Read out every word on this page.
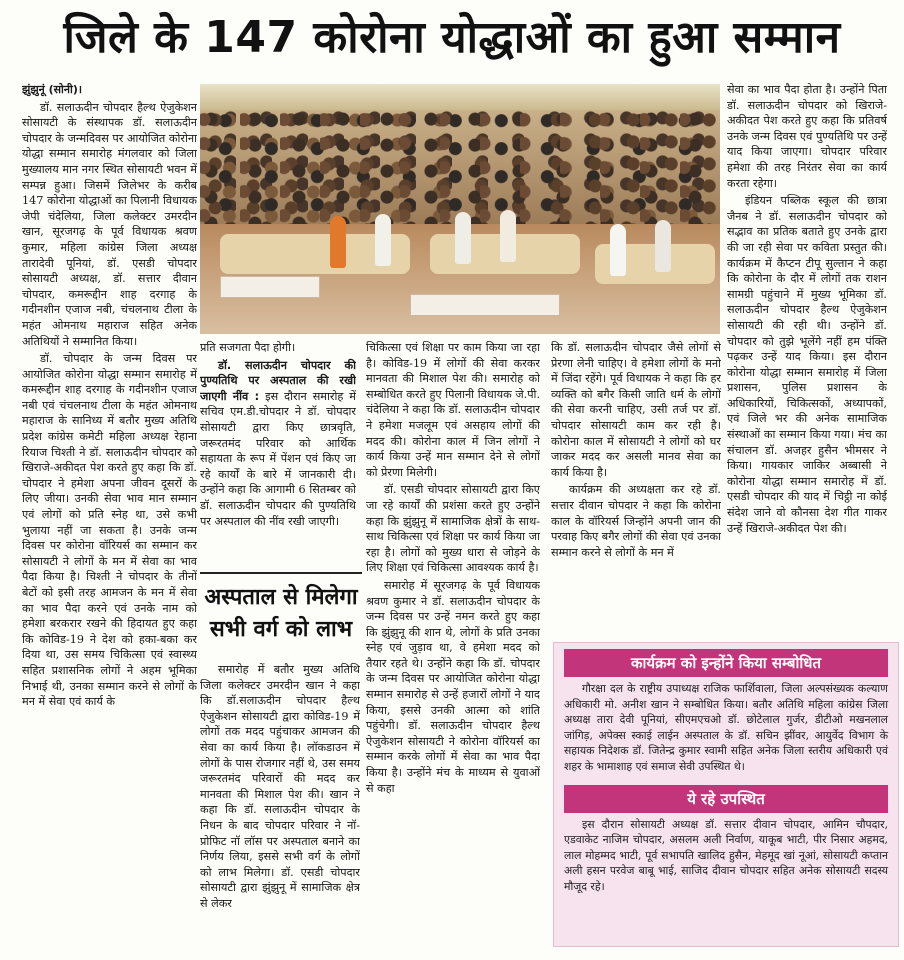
जिले के 147 कोरोना योद्धाओं का हुआ सम्मान

झुंझुनूं (सोनी)।

डॉ. सलाऊदीन चोपदार हैल्थ ऐजुकेशन सोसायटी के संस्थापक डॉ. सलाऊदीन चोपदार के जन्मदिवस पर आयोजित कोरोना योद्धा सम्मान समारोह मंगलवार को जिला मुख्यालय मान नगर स्थित सोसायटी भवन में सम्पन्न हुआ। जिसमें जिलेभर के करीब 147 कोरोना योद्धाओं का पिलानी विधायक जेपी चंदेलिया, जिला कलेक्टर उमरदीन खान, सूरजगढ़ के पूर्व विधायक श्रवण कुमार, महिला कांग्रेस जिला अध्यक्ष तारादेवी पूनियां, डॉ. एसडी चोपदार सोसायटी अध्यक्ष, डॉ. सत्तार दीवान चोपदार, कमरूद्दीन शाह दरगाह के गदीनशीन एजाज नबी, चंचलनाथ टीला के महंत ओमनाथ महाराज सहित अनेक अतिथियों ने सम्मानित किया।

डॉ. चोपदार के जन्म दिवस पर आयोजित कोरोना योद्धा सम्मान समारोह में कमरूद्दीन शाह दरगाह के गदीनशीन एजाज नबी एवं चंचलनाथ टीला के महंत ओमनाथ महाराज के सानिध्य में बतौर मुख्य अतिथि प्रदेश कांग्रेस कमेटी महिला अध्यक्ष रेहाना रियाज चिश्ती ने डॉ. सलाऊदीन चोपदार को खिराजे-अकीदत पेश करते हुए कहा कि डॉ. चोपदार ने हमेशा अपना जीवन दूसरों के लिए जीया। उनकी सेवा भाव मान सम्मान एवं लोगों को प्रति स्नेह था, उसे कभी भुलाया नहीं जा सकता है। उनके जन्म दिवस पर कोरोना वॉरियर्स का सम्मान कर सोसायटी ने लोगों के मन में सेवा का भाव पैदा किया है। चिश्ती ने चोपदार के तीनों बेटों को इसी तरह आमजन के मन में सेवा का भाव पैदा करने एवं उनके नाम को हमेशा बरकरार रखने की हिदायत हुए कहा कि कोविड-19 ने देश को हका-बका कर दिया था, उस समय चिकित्सा एवं स्वास्थ्य सहित प्रशासनिक लोगों ने अहम भूमिका निभाई थी, उनका सम्मान करने से लोगों के मन में सेवा एवं कार्य के

प्रति सजगता पैदा होगी।

डॉ. सलाऊदीन चोपदार की पुण्यतिथि पर अस्पताल की रखी जाएगी नींव : इस दौरान समारोह में सचिव एम.डी.चोपदार ने डॉ. चोपदार सोसायटी द्वारा किए छात्रवृति, जरूरतमंद परिवार को आर्थिक सहायता के रूप में पेंशन एवं किए जा रहे कार्यों के बारे में जानकारी दी। उन्होंने कहा कि आगामी 6 सितम्बर को डॉ. सलाऊदीन चोपदार की पुण्यतिथि पर अस्पताल की नींव रखी जाएगी।

अस्पताल से मिलेगा सभी वर्ग को लाभ

समारोह में बतौर मुख्य अतिथि जिला कलेक्टर उमरदीन खान ने कहा कि डॉ.सलाऊदीन चोपदार हैल्थ ऐजुकेशन सोसायटी द्वारा कोविड-19 में लोगों तक मदद पहुंचाकर आमजन की सेवा का कार्य किया है। लॉकडाउन में लोगों के पास रोजगार नहीं थे, उस समय जरूरतमंद परिवारों की मदद कर मानवता की मिशाल पेश की। खान ने कहा कि डॉ. सलाऊदीन चोपदार के निधन के बाद चोपदार परिवार ने नॉ-प्रोफिट नॉ लॉस पर अस्पताल बनाने का निर्णय लिया, इससे सभी वर्ग के लोगों को लाभ मिलेगा। डॉ. एसडी चोपदार सोसायटी द्वारा झुंझुनू में सामाजिक क्षेत्र से लेकर

चिकित्सा एवं शिक्षा पर काम किया जा रहा है। कोविड-19 में लोगों की सेवा करकर मानवता की मिशाल पेश की। समारोह को सम्बोधित करते हुए पिलानी विधायक जे.पी. चंदेलिया ने कहा कि डॉ. सलाऊदीन चोपदार ने हमेशा मजलूम एवं असहाय लोगों की मदद की। कोरोना काल में जिन लोगों ने कार्य किया उन्हें मान सम्मान देने से लोगों को प्रेरणा मिलेगी।

डॉ. एसडी चोपदार सोसायटी द्वारा किए जा रहे कार्यों की प्रशंसा करते हुए उन्होंने कहा कि झुंझुनू में सामाजिक क्षेत्रों के साथ-साथ चिकित्सा एवं शिक्षा पर कार्य किया जा रहा है। लोगों को मुख्य धारा से जोड़ने के लिए शिक्षा एवं चिकित्सा आवश्यक कार्य है।

समारोह में सूरजगढ़ के पूर्व विधायक श्रवण कुमार ने डॉ. सलाऊदीन चोपदार के जन्म दिवस पर उन्हें नमन करते हुए कहा कि झुंझुनू की शान थे, लोगों के प्रति उनका स्नेह एवं जुड़ाव था, वे हमेशा मदद को तैयार रहते थे। उन्होंने कहा कि डॉ. चोपदार के जन्म दिवस पर आयोजित कोरोना योद्धा सम्मान समारोह से उन्हें हजारों लोगों ने याद किया, इससे उनकी आत्मा को शांति पहुंचेगी। डॉ. सलाऊदीन चोपदार हैल्थ ऐजुकेशन सोसायटी ने कोरोना वॉरियर्स का सम्मान करके लोगों में सेवा का भाव पैदा किया है। उन्होंने मंच के माध्यम से युवाओं से कहा

कि डॉ. सलाऊदीन चोपदार जैसे लोगों से प्रेरणा लेनी चाहिए। वे हमेशा लोगों के मनो में जिंदा रहेंगे। पूर्व विधायक ने कहा कि हर व्यक्ति को बगैर किसी जाति धर्म के लोगों की सेवा करनी चाहिए, उसी तर्ज पर डॉ. चोपदार सोसायटी काम कर रही है। कोरोना काल में सोसायटी ने लोगों को घर जाकर मदद कर असली मानव सेवा का कार्य किया है।

कार्यक्रम की अध्यक्षता कर रहे डॉ. सत्तार दीवान चोपदार ने कहा कि कोरोना काल के वॉरियर्स जिन्होंने अपनी जान की परवाह किए बगैर लोगों की सेवा एवं उनका सम्मान करने से लोगों के मन में

सेवा का भाव पैदा होता है। उन्होंने पिता डॉ. सलाऊदीन चोपदार को खिराजे-अकीदत पेश करते हुए कहा कि प्रतिवर्ष उनके जन्म दिवस एवं पुण्यतिथि पर उन्हें याद किया जाएगा। चोपदार परिवार हमेशा की तरह निरंतर सेवा का कार्य करता रहेगा।

इंडियन पब्लिक स्कूल की छात्रा जैनब ने डॉ. सलाऊदीन चोपदार को सद्भाव का प्रतिक बताते हुए उनके द्वारा की जा रही सेवा पर कविता प्रस्तुत की। कार्यक्रम में कैप्टन टीपू सुल्तान ने कहा कि कोरोना के दौर में लोगों तक राशन सामग्री पहुंचाने में मुख्य भूमिका डॉ. सलाऊदीन चोपदार हैल्थ ऐजुकेशन सोसायटी की रही थी। उन्होंने डॉ. चोपदार को तुझे भूलेंगे नहीं हम पंक्ति पढ़कर उन्हें याद किया। इस दौरान कोरोना योद्धा सम्मान समारोह में जिला प्रशासन, पुलिस प्रशासन के अधिकारियों, चिकित्सकों, अध्यापकों, एवं जिले भर की अनेक सामाजिक संस्थाओं का सम्मान किया गया। मंच का संचालन डॉ. अजहर हुसैन भीमसर ने किया। गायकार जाकिर अब्बासी ने कोरोना योद्धा सम्मान समारोह में डॉ. एसडी चोपदार की याद में चिट्ठी ना कोई संदेश जाने वो कौनसा देश गीत गाकर उन्हें खिराजे-अकीदत पेश की।

कार्यक्रम को इन्होंने किया सम्बोधित

गौरक्षा दल के राष्ट्रीय उपाध्यक्ष राजिक फार्शिवाला, जिला अल्पसंख्यक कल्याण अधिकारी मो. अनीश खान ने सम्बोधित किया। बतौर अतिथि महिला कांग्रेस जिला अध्यक्ष तारा देवी पूनियां, सीएमएचओ डॉ. छोटेलाल गुर्जर, डीटीओ मखनलाल जांगिड़, अपेक्स स्काई लाईन अस्पताल के डॉ. सचिन झींवर, आयुर्वेद विभाग के सहायक निदेशक डॉ. जितेन्द्र कुमार स्वामी सहित अनेक जिला स्तरीय अधिकारी एवं शहर के भामाशाह एवं समाज सेवी उपस्थित थे।

ये रहे उपस्थित

इस दौरान सोसायटी अध्यक्ष डॉ. सत्तार दीवान चोपदार, आमिन चौपदार, एडवाकेट नाजिम चोपदार, असलम अली निर्वाण, याकूब भाटी, पीर निसार अहमद, लाल मोहम्मद भाटी, पूर्व सभापति खालिद हुसैन, मेहमूद खां नूआं, सोसायटी कप्तान अली हसन परवेज बाबू भाई, साजिद दीवान चोपदार सहित अनेक सोसायटी सदस्य मौजूद रहे।
